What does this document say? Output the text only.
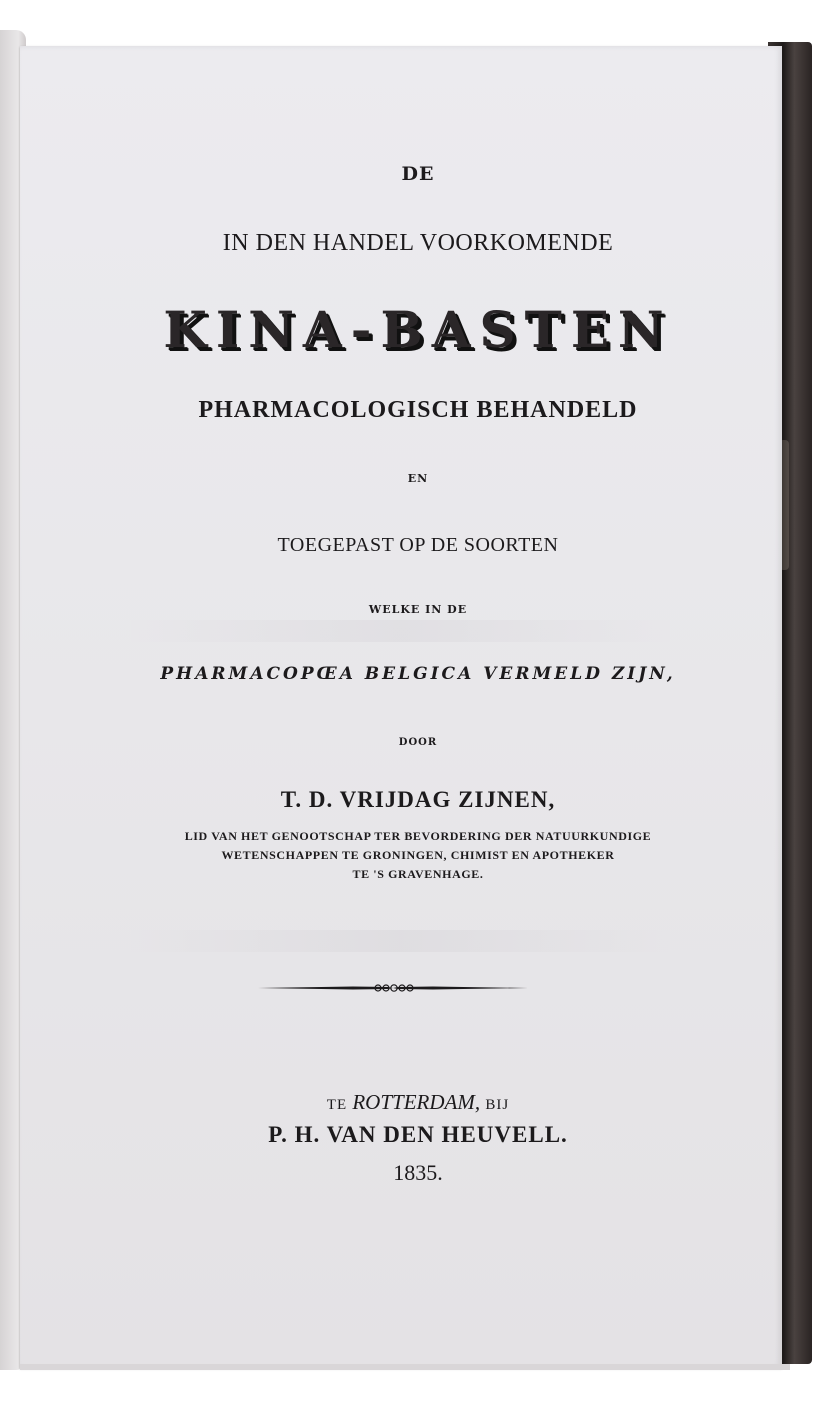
DE
IN DEN HANDEL VOORKOMENDE
KINA-BASTEN
PHARMACOLOGISCH BEHANDELD
EN
TOEGEPAST OP DE SOORTEN
WELKE IN DE
PHARMACOPŒA BELGICA VERMELD ZIJN,
DOOR
T. D. VRIJDAG ZIJNEN,
LID VAN HET GENOOTSCHAP TER BEVORDERING DER NATUURKUNDIGE
WETENSCHAPPEN TE GRONINGEN, CHIMIST EN APOTHEKER
TE 'S GRAVENHAGE.
TE ROTTERDAM, BIJ
P. H. VAN DEN HEUVELL.
1835.
